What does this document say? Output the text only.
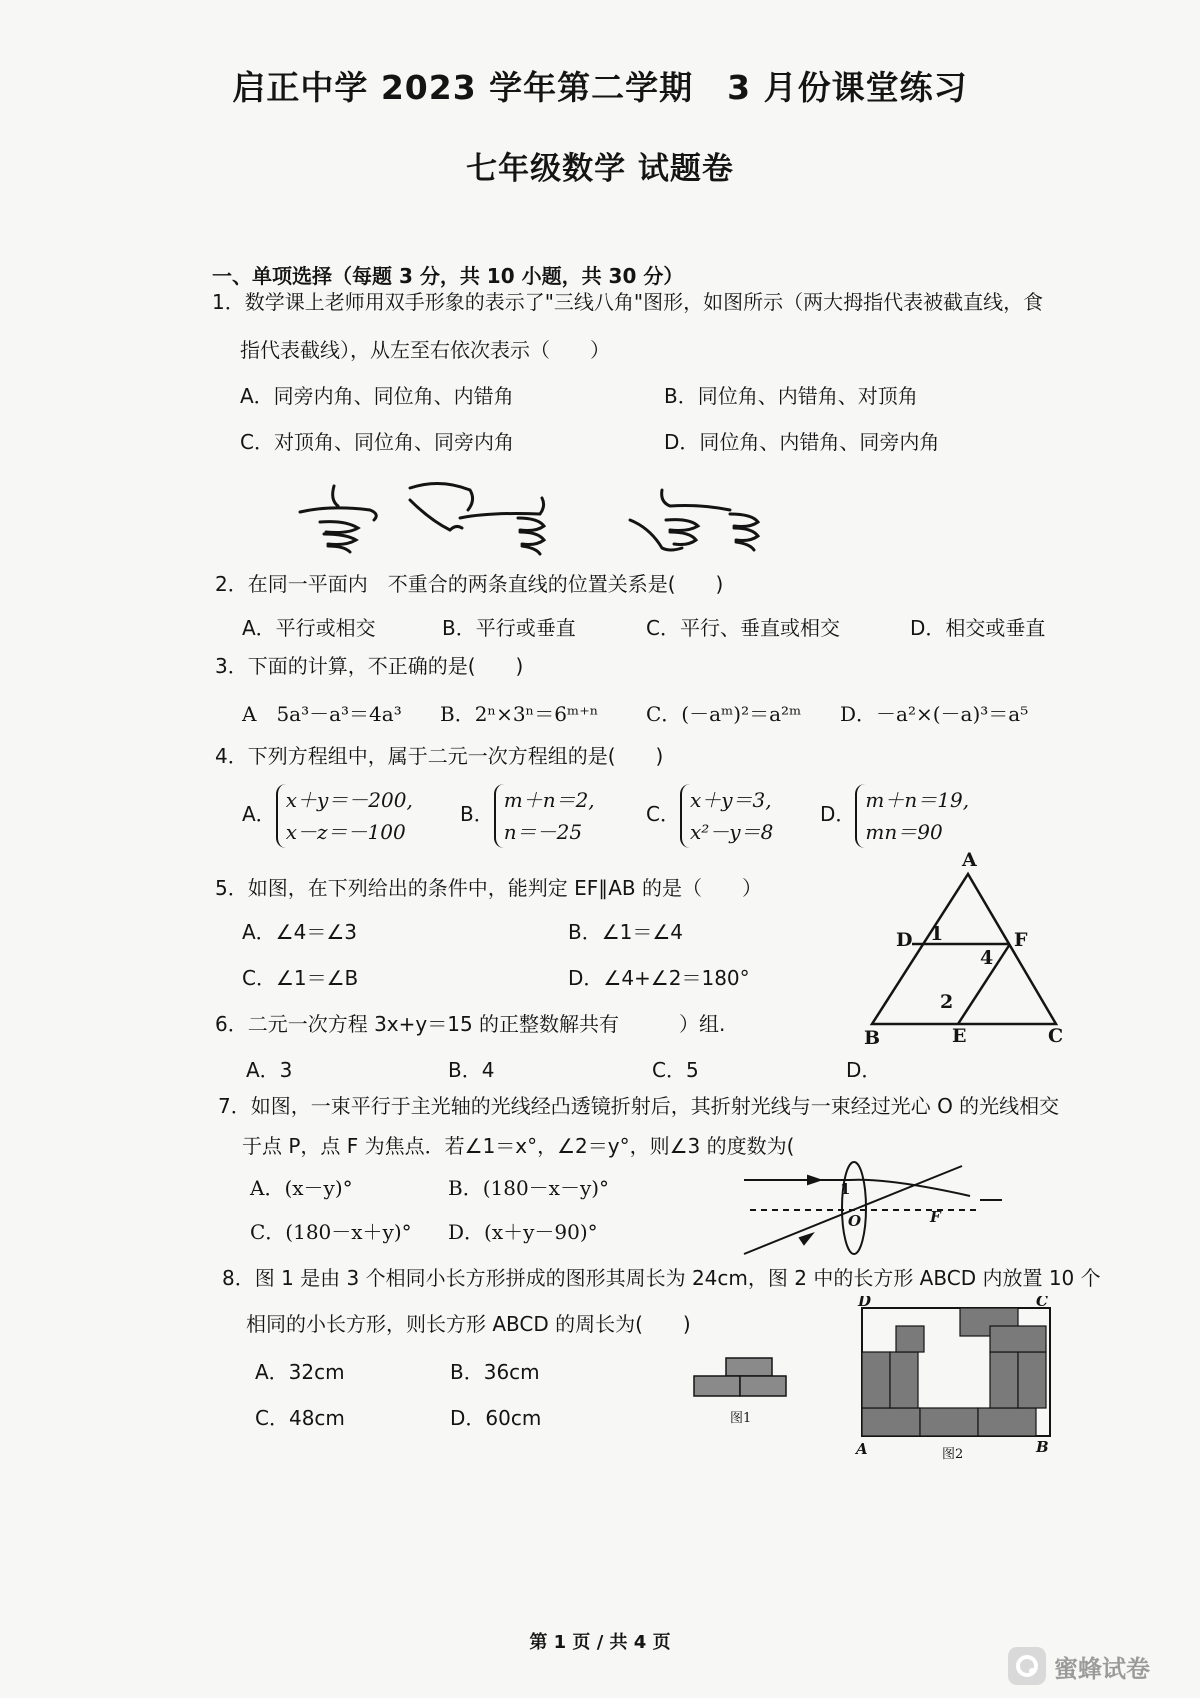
启正中学 2023 学年第二学期　3 月份课堂练习
七年级数学 试题卷
一、单项选择（每题 3 分，共 10 小题，共 30 分）
1．数学课上老师用双手形象的表示了"三线八角"图形，如图所示（两大拇指代表被截直线，食
指代表截线），从左至右依次表示（　　）
A．同旁内角、同位角、内错角	B．同位角、内错角、对顶角
C．对顶角、同位角、同旁内角	D．同位角、内错角、同旁内角
2．在同一平面内　不重合的两条直线的位置关系是(　　)
A．平行或相交	B．平行或垂直	C．平行、垂直或相交	D．相交或垂直
3．下面的计算，不正确的是(　　)
A　5a³－a³＝4a³ B．2ⁿ×3ⁿ＝6ᵐ⁺ⁿ C．(－aᵐ)²＝a²ᵐ D．－a²×(－a)³＝a⁵
4．下列方程组中，属于二元一次方程组的是(　　)
A．
x＋y＝－200,
x－z＝－100
B．
m＋n＝2,
n＝－25
C．
x＋y＝3,
x²－y＝8
D．
m＋n＝19,
mn＝90
5．如图，在下列给出的条件中，能判定 EF∥AB 的是（　　）
A．∠4＝∠3	B．∠1＝∠4
C．∠1＝∠B	D．∠4+∠2＝180°
A
B	C
D
E
F
1
2
4
6．二元一次方程 3x+y＝15 的正整数解共有　　　）组.
A．3	B．4	C．5	D．
7．如图，一束平行于主光轴的光线经凸透镜折射后，其折射光线与一束经过光心 O 的光线相交
于点 P，点 F 为焦点．若∠1＝x°，∠2＝y°，则∠3 的度数为(
A．(x－y)°	B．(180－x－y)°
C．(180－x＋y)° D．(x＋y－90)°
1
O	F
8．图 1 是由 3 个相同小长方形拼成的图形其周长为 24cm，图 2 中的长方形 ABCD 内放置 10 个
相同的小长方形，则长方形 ABCD 的周长为(　　)
A．32cm	B．36cm
C．48cm	D．60cm	图1
D	C
A	B
图2
第 1 页 / 共 4 页
蜜蜂试卷
